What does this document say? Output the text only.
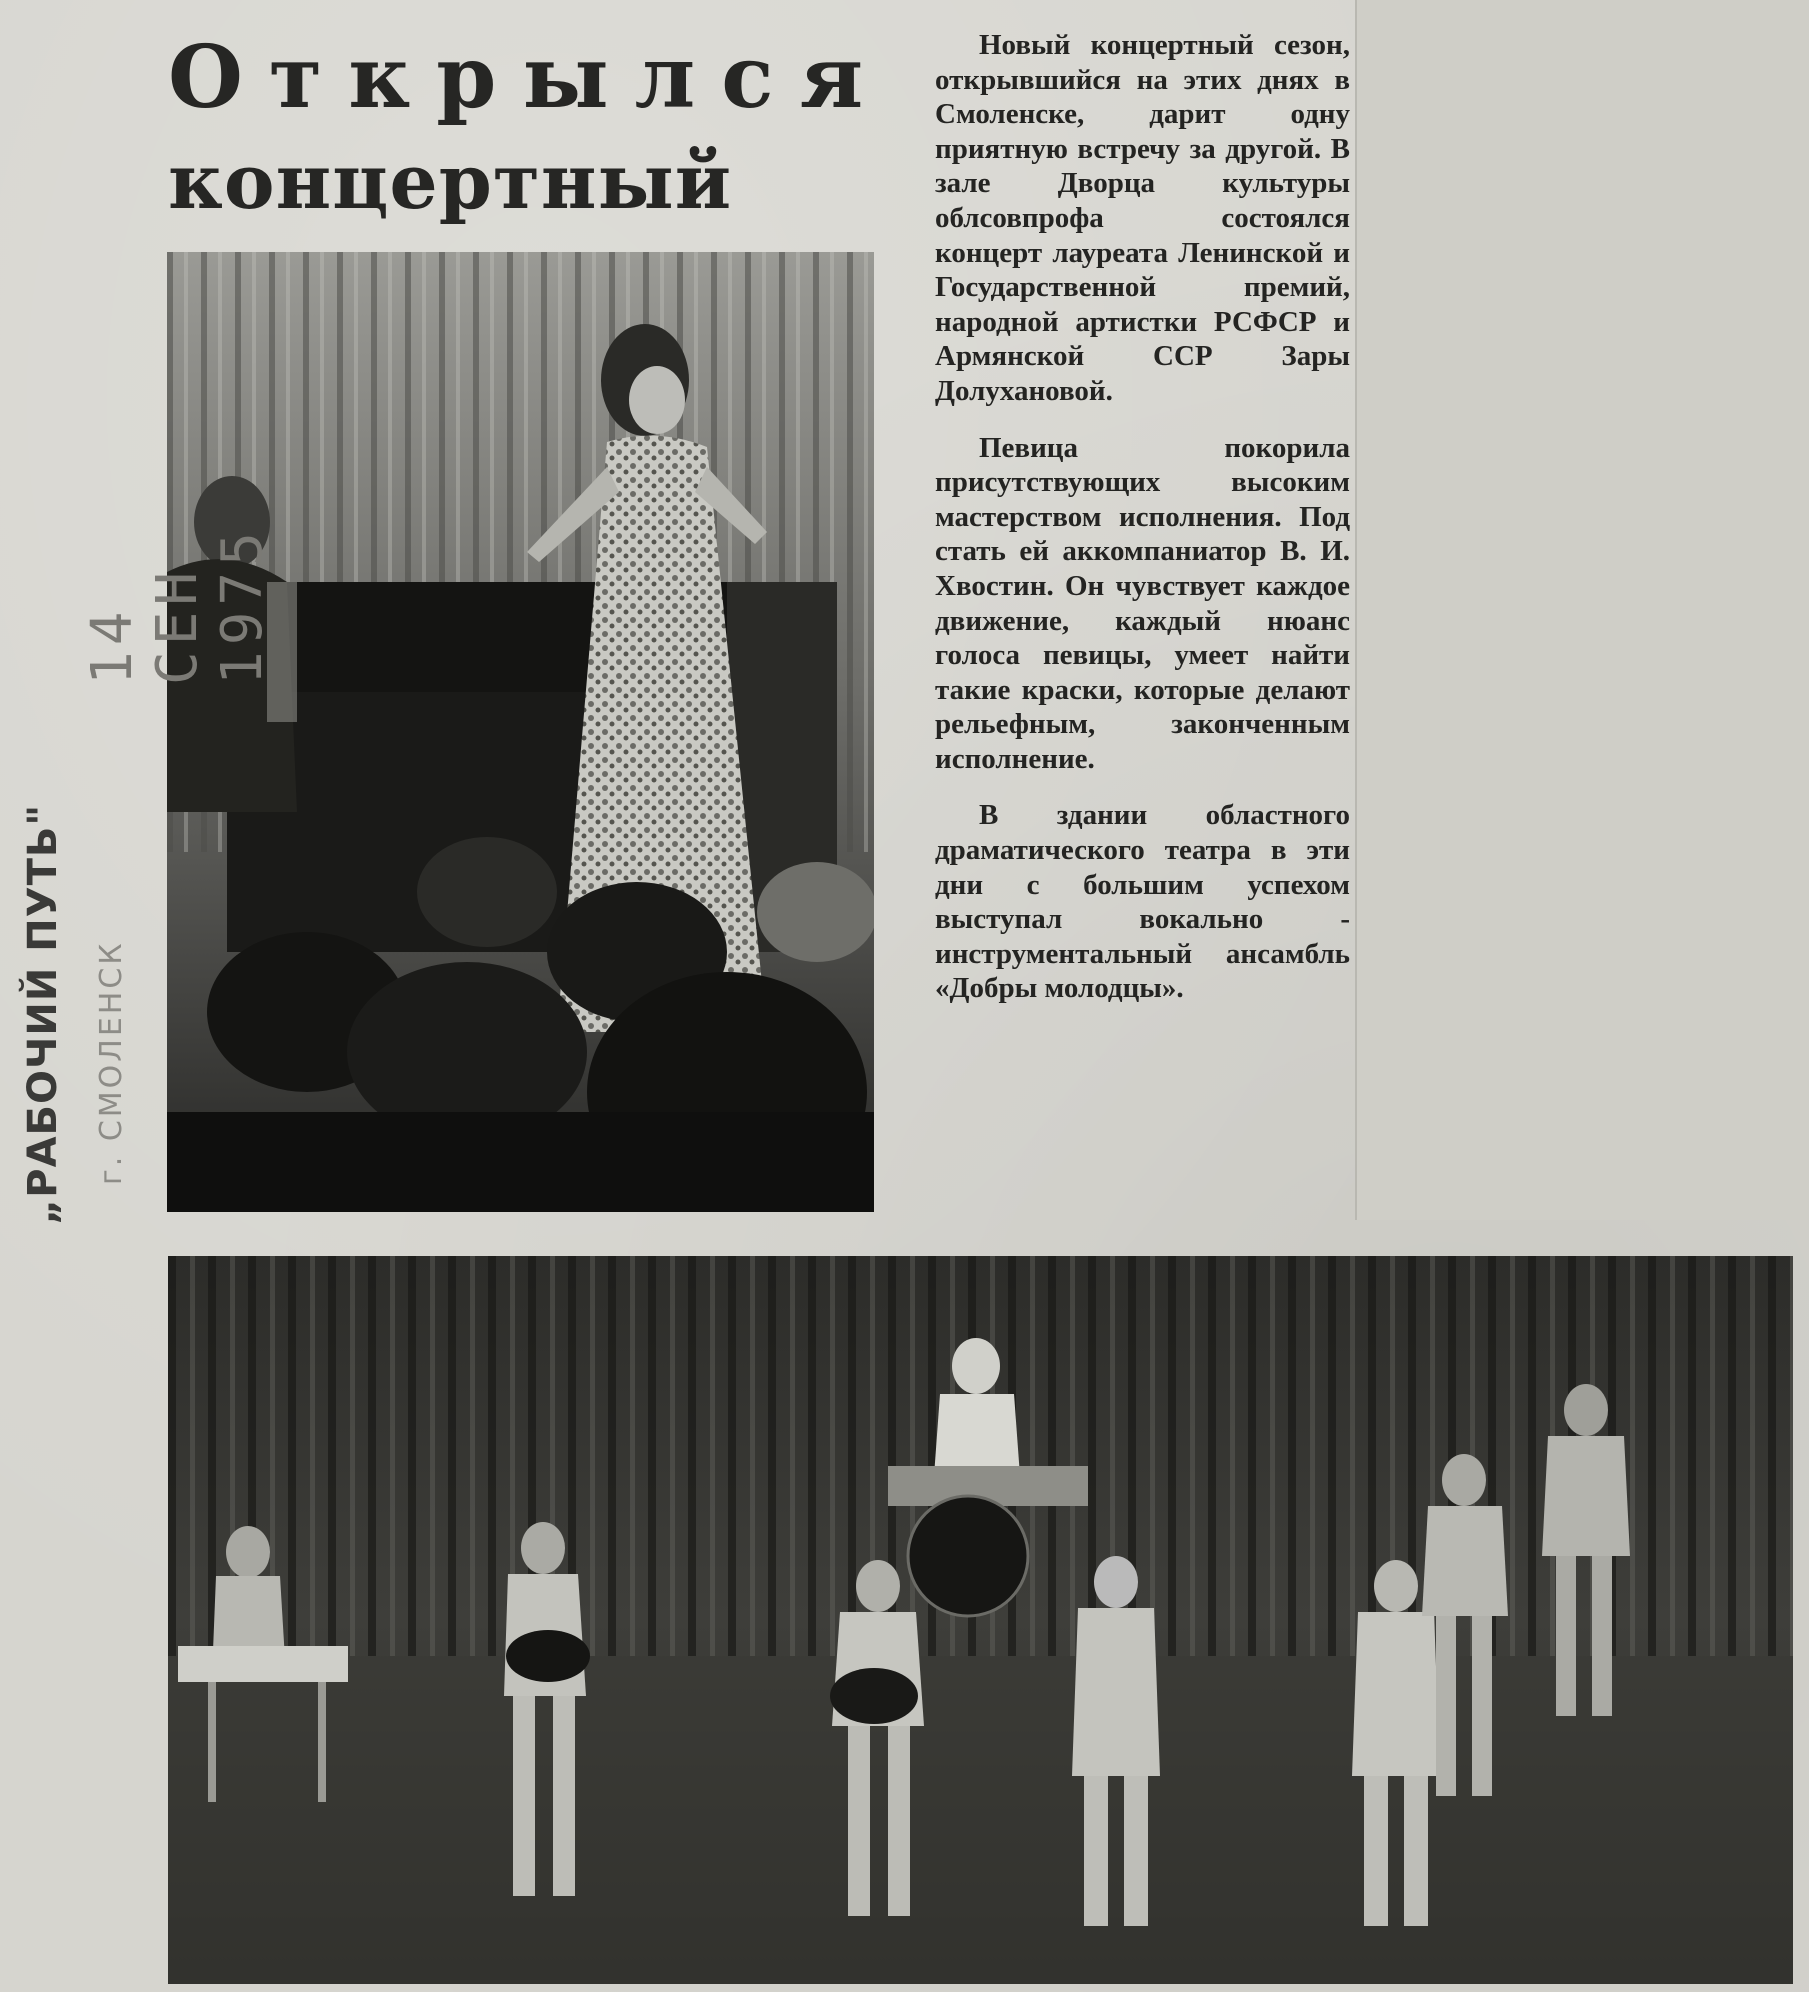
Открылся
концертный

Новый концертный сезон, открывшийся на этих днях в Смоленске, дарит одну приятную встречу за другой. В зале Дворца культуры облсовпрофа состоялся концерт лауреата Ленинской и Государственной премий, народной артистки РСФСР и Армянской ССР Зары Долухановой.

Певица покорила присутствующих высоким мастерством исполнения. Под стать ей аккомпаниатор В. И. Хвостин. Он чувствует каждое движение, каждый нюанс голоса певицы, умеет найти такие краски, которые делают рельефным, законченным исполнение.

В здании областного драматического театра в эти дни с большим успехом выступал вокально - инструментальный ансамбль «Добры молодцы».

„РАБОЧИЙ ПУТЬ" г. СМОЛЕНСК
14 СЕН 1975
